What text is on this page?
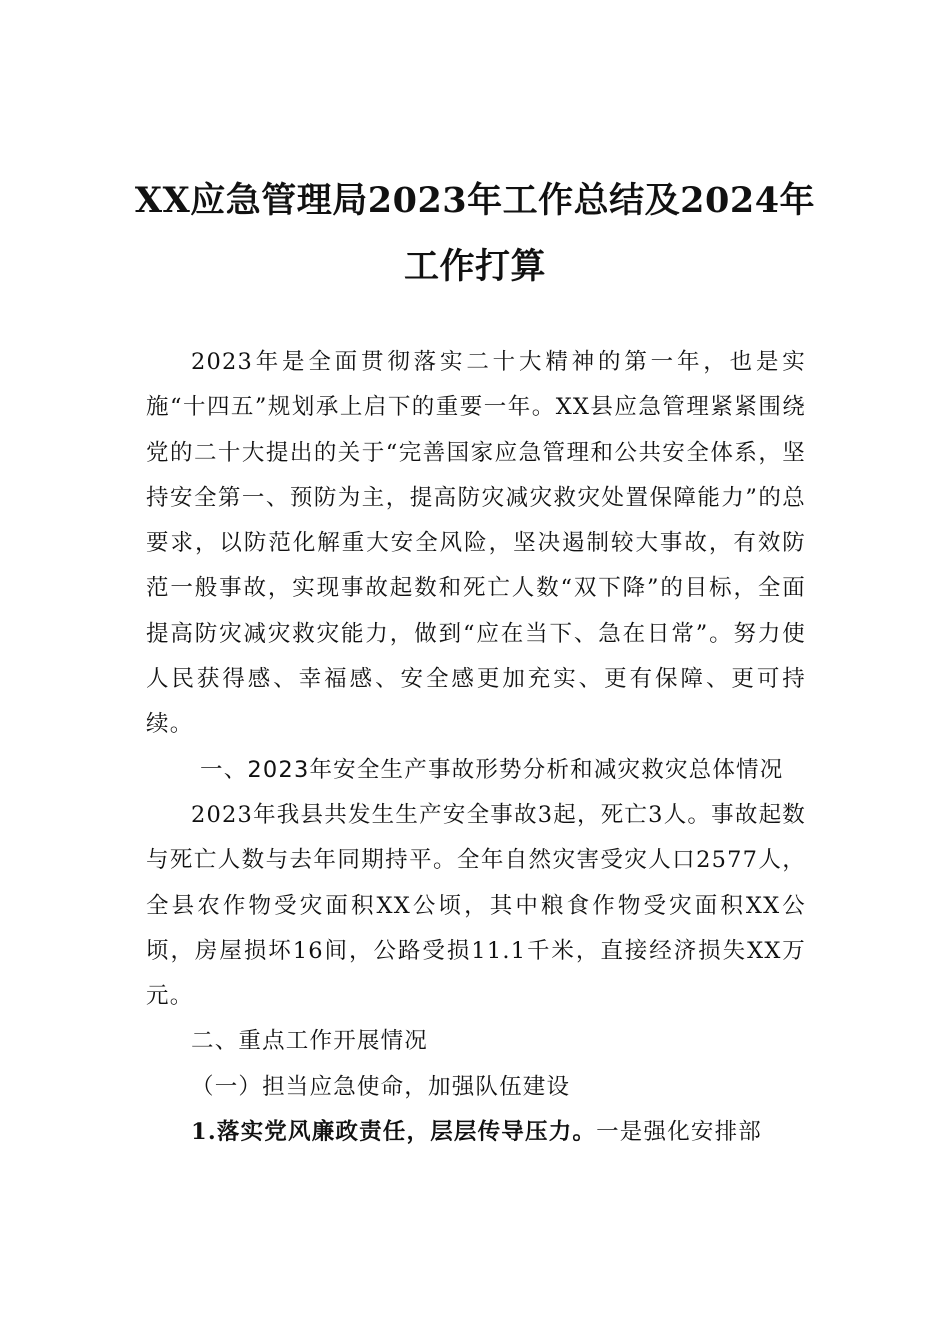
XX应急管理局2023年工作总结及2024年
工作打算

2023年是全面贯彻落实二十大精神的第一年，也是实施“十四五”规划承上启下的重要一年。XX县应急管理紧紧围绕党的二十大提出的关于“完善国家应急管理和公共安全体系，坚持安全第一、预防为主，提高防灾减灾救灾处置保障能力”的总要求，以防范化解重大安全风险，坚决遏制较大事故，有效防范一般事故，实现事故起数和死亡人数“双下降”的目标，全面提高防灾减灾救灾能力，做到“应在当下、急在日常”。努力使人民获得感、幸福感、安全感更加充实、更有保障、更可持续。

一、2023年安全生产事故形势分析和减灾救灾总体情况

2023年我县共发生生产安全事故3起，死亡3人。事故起数与死亡人数与去年同期持平。全年自然灾害受灾人口2577人，全县农作物受灾面积XX公顷，其中粮食作物受灾面积XX公顷，房屋损坏16间，公路受损11.1千米，直接经济损失XX万元。

二、重点工作开展情况

（一）担当应急使命，加强队伍建设

1.落实党风廉政责任，层层传导压力。一是强化安排部
